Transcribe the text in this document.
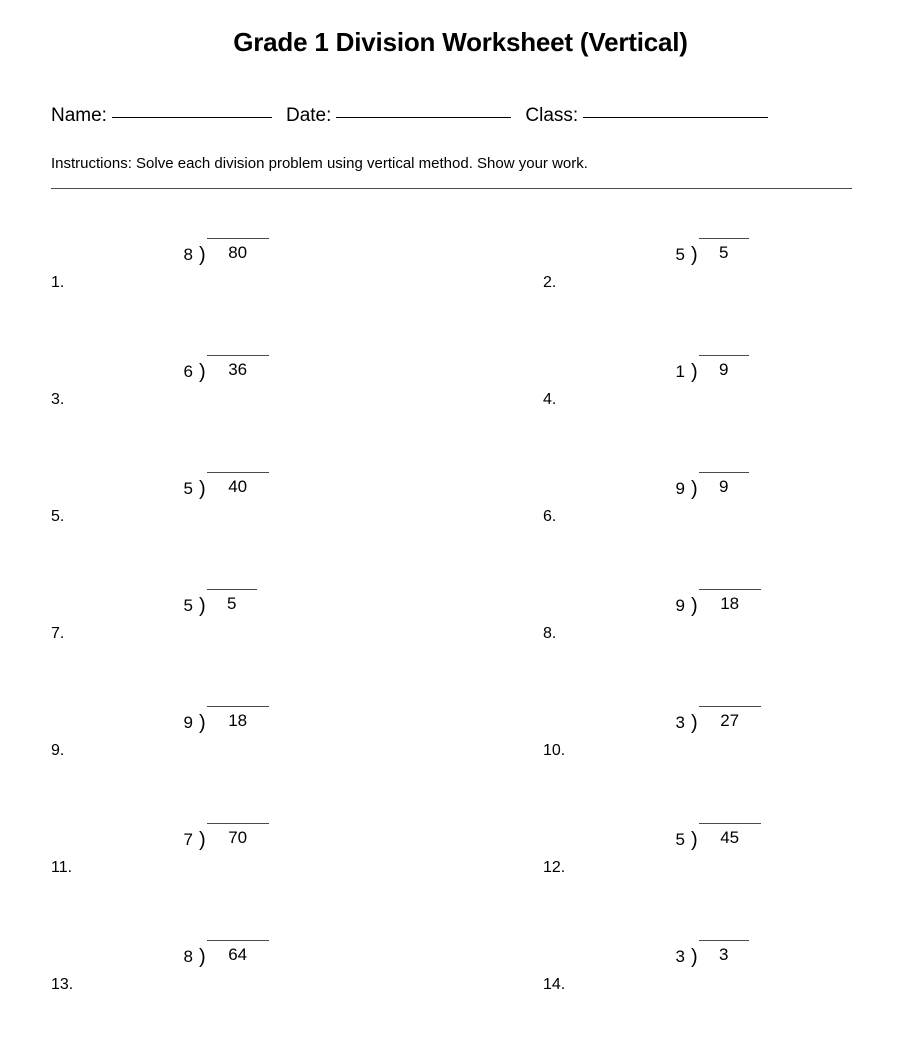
Grade 1 Division Worksheet (Vertical)
Name:	Date:	Class:
Instructions: Solve each division problem using vertical method. Show your work.
1.
8 ) 80
2.
5 ) 5
3.
6 ) 36
4.
1 ) 9
5.
5 ) 40
6.
9 ) 9
7.
5 ) 5
8.
9 ) 18
9.
9 ) 18
10.
3 ) 27
11.
7 ) 70
12.
5 ) 45
13.
8 ) 64
14.
3 ) 3
